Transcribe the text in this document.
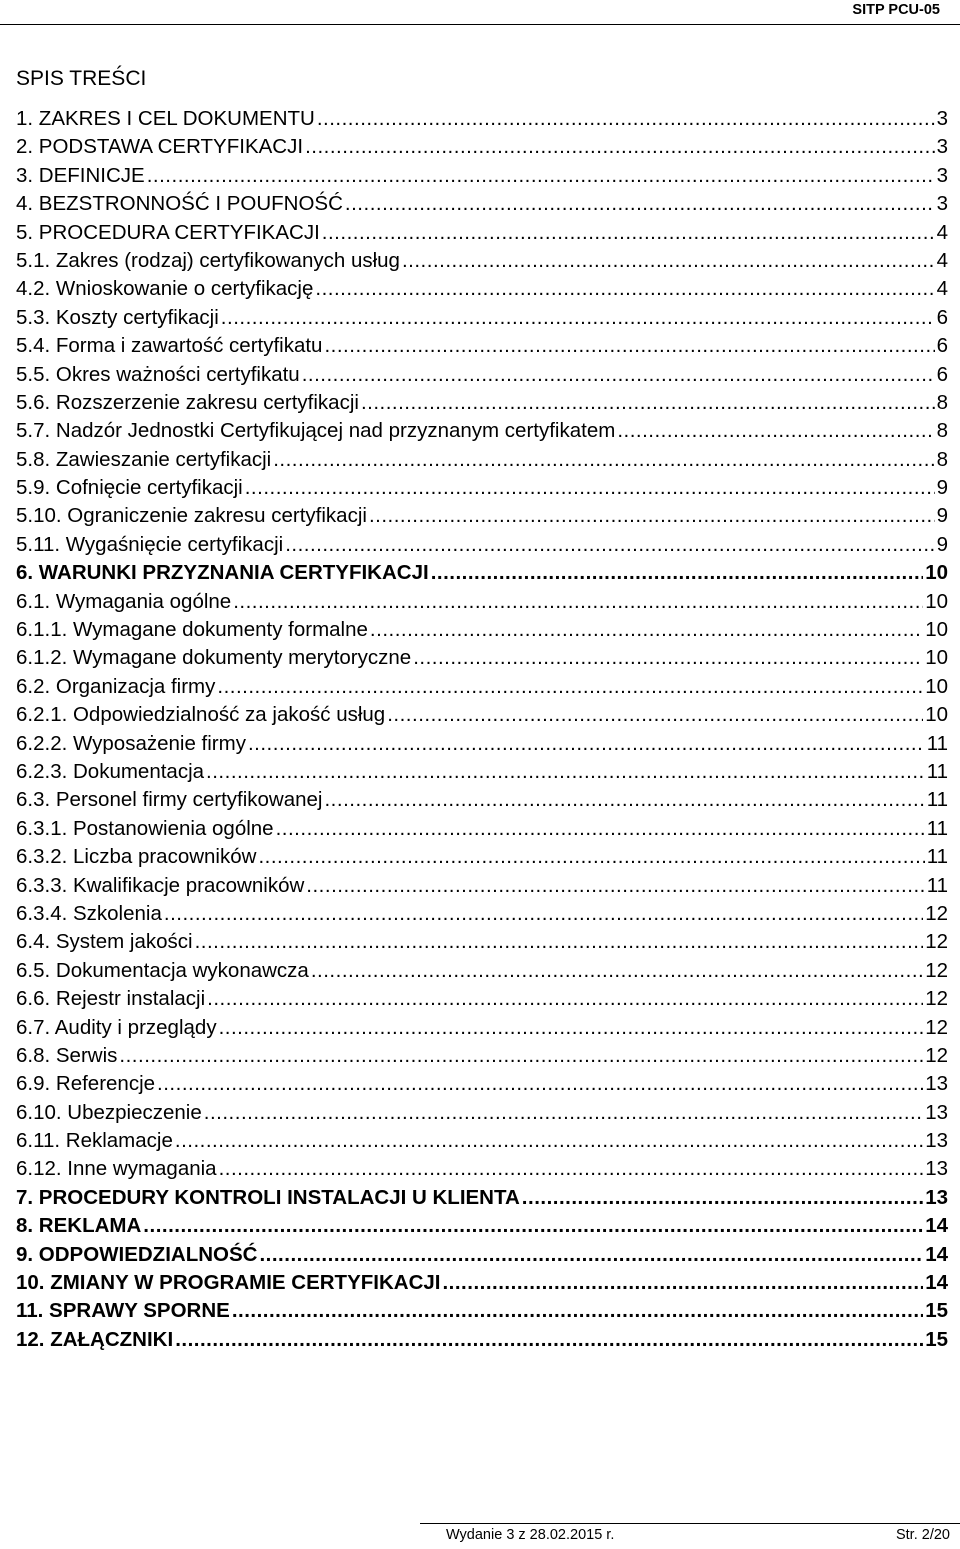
SITP PCU-05
SPIS TREŚCI
1. ZAKRES I CEL DOKUMENTU .....	3
2. PODSTAWA CERTYFIKACJI .....	3
3. DEFINICJE .....	3
4. BEZSTRONNOŚĆ I POUFNOŚĆ .....	3
5. PROCEDURA CERTYFIKACJI .....	4
5.1. Zakres (rodzaj) certyfikowanych usług .....	4
4.2. Wnioskowanie o certyfikację .....	4
5.3. Koszty certyfikacji .....	6
5.4. Forma i zawartość certyfikatu .....	6
5.5. Okres ważności certyfikatu .....	6
5.6. Rozszerzenie zakresu certyfikacji .....	8
5.7. Nadzór Jednostki Certyfikującej nad przyznanym certyfikatem .....	8
5.8. Zawieszanie certyfikacji .....	8
5.9. Cofnięcie certyfikacji .....	9
5.10. Ograniczenie zakresu certyfikacji .....	9
5.11. Wygaśnięcie certyfikacji .....	9
6. WARUNKI PRZYZNANIA CERTYFIKACJI .....	10
6.1. Wymagania ogólne .....	10
6.1.1. Wymagane dokumenty formalne .....	10
6.1.2. Wymagane dokumenty merytoryczne .....	10
6.2. Organizacja firmy .....	10
6.2.1. Odpowiedzialność za jakość usług .....	10
6.2.2. Wyposażenie firmy .....	11
6.2.3. Dokumentacja .....	11
6.3. Personel firmy certyfikowanej .....	11
6.3.1. Postanowienia ogólne .....	11
6.3.2. Liczba pracowników .....	11
6.3.3. Kwalifikacje pracowników .....	11
6.3.4. Szkolenia .....	12
6.4. System jakości .....	12
6.5. Dokumentacja wykonawcza .....	12
6.6. Rejestr instalacji .....	12
6.7. Audity i przeglądy .....	12
6.8. Serwis .....	12
6.9. Referencje .....	13
6.10. Ubezpieczenie .....	13
6.11. Reklamacje .....	13
6.12. Inne wymagania .....	13
7. PROCEDURY KONTROLI INSTALACJI U KLIENTA .....	13
8. REKLAMA .....	14
9. ODPOWIEDZIALNOŚĆ .....	14
10. ZMIANY W PROGRAMIE CERTYFIKACJI .....	14
11. SPRAWY SPORNE .....	15
12. ZAŁĄCZNIKI .....	15
Wydanie 3 z 28.02.2015 r.	Str. 2/20
